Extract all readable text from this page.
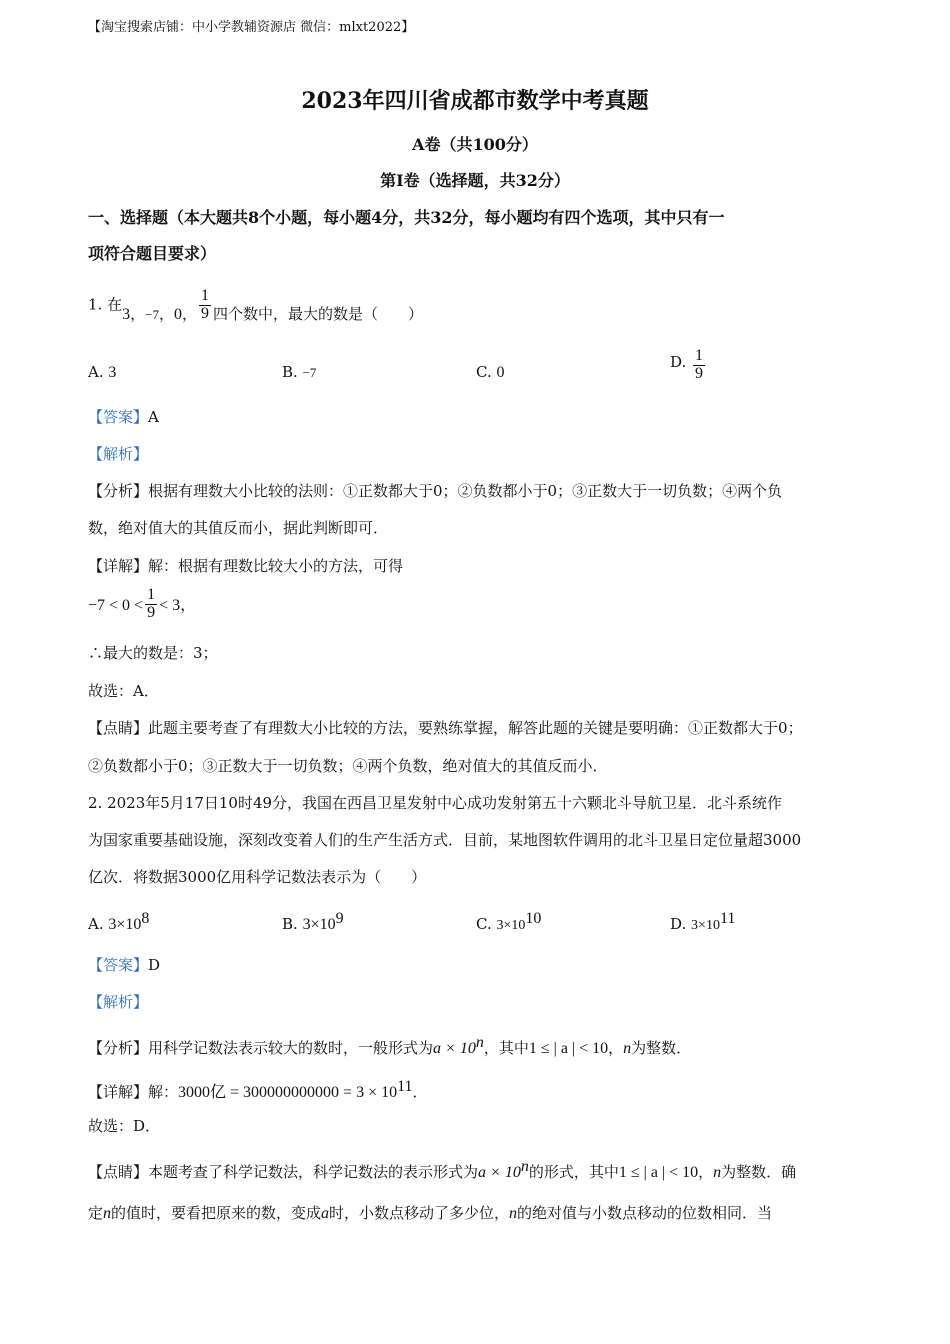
【淘宝搜索店铺：中小学教辅资源店 微信：mlxt2022】
2023年四川省成都市数学中考真题
A卷（共100分）
第I卷（选择题，共32分）
一、选择题（本大题共8个小题，每小题4分，共32分，每小题均有四个选项，其中只有一
项符合题目要求）
1. 在3，−7，0， $\frac{1}{9}$ 四个数中，最大的数是（　　）
A. 3	B. −7	C. 0
D. $\frac{1}{9}$
【答案】A
【解析】
【分析】根据有理数大小比较的法则：①正数都大于0；②负数都小于0；③正数大于一切负数；④两个负
数，绝对值大的其值反而小，据此判断即可．
【详解】解：根据有理数比较大小的方法，可得
$-7 < 0 < \frac{1}{9} < 3$，
∴最大的数是：3；
故选：A．
【点睛】此题主要考查了有理数大小比较的方法，要熟练掌握，解答此题的关键是要明确：①正数都大于0；
②负数都小于0；③正数大于一切负数；④两个负数，绝对值大的其值反而小．
2. 2023年5月17日10时49分，我国在西昌卫星发射中心成功发射第五十六颗北斗导航卫星．北斗系统作
为国家重要基础设施，深刻改变着人们的生产生活方式．目前，某地图软件调用的北斗卫星日定位量超3000
亿次．将数据3000亿用科学记数法表示为（　　）
A. $3\times 10^8$	B. $3\times 10^9$	C. $3\times 10^{10}$	D. $3\times 10^{11}$
【答案】D
【解析】
【分析】用科学记数法表示较大的数时，一般形式为$a \times 10^n$，其中1 ≤ | a | < 10，n为整数．
【详解】解：3000亿 = $300000000000 = 3 \times 10^{11}$．
故选：D．
【点睛】本题考查了科学记数法，科学记数法的表示形式为$a \times 10^n$的形式，其中1 ≤ | a | < 10，n为整数．确
定n的值时，要看把原来的数，变成a时，小数点移动了多少位，n的绝对值与小数点移动的位数相同．当
